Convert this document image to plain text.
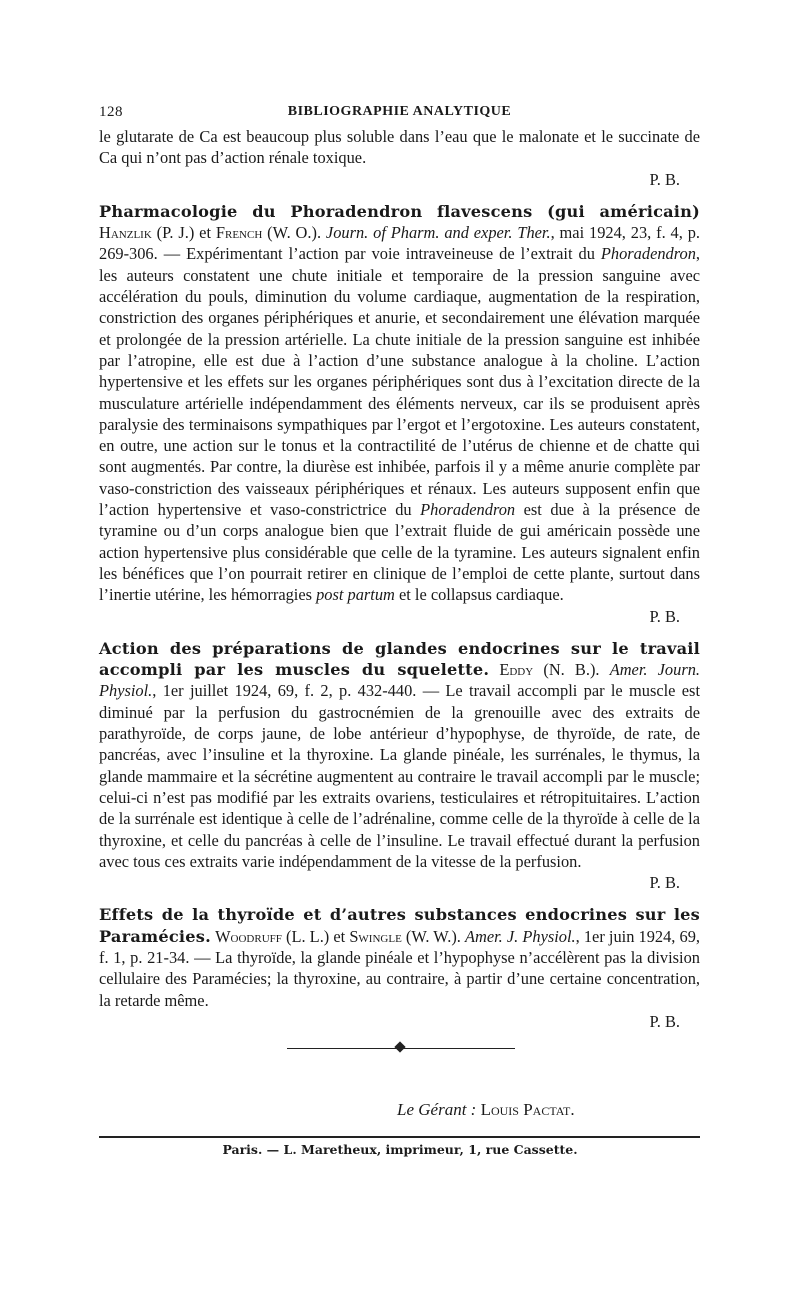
128	BIBLIOGRAPHIE ANALYTIQUE

le glutarate de Ca est beaucoup plus soluble dans l’eau que le malonate et le succinate de Ca qui n’ont pas d’action rénale toxique.

P. B.

Pharmacologie du Phoradendron flavescens (gui américain) Hanzlik (P. J.) et French (W. O.). Journ. of Pharm. and exper. Ther., mai 1924, 23, f. 4, p. 269-306. — Expérimentant l’action par voie intraveineuse de l’extrait du Phoradendron, les auteurs constatent une chute initiale et temporaire de la pression sanguine avec accélération du pouls, diminution du volume cardiaque, augmentation de la respiration, constriction des organes périphériques et anurie, et secondairement une élévation marquée et prolongée de la pression artérielle. La chute initiale de la pression sanguine est inhibée par l’atropine, elle est due à l’action d’une substance analogue à la choline. L’action hypertensive et les effets sur les organes périphériques sont dus à l’excitation directe de la musculature artérielle indépendamment des éléments nerveux, car ils se produisent après paralysie des terminaisons sympathiques par l’ergot et l’ergotoxine. Les auteurs constatent, en outre, une action sur le tonus et la contractilité de l’utérus de chienne et de chatte qui sont augmentés. Par contre, la diurèse est inhibée, parfois il y a même anurie complète par vaso-constriction des vaisseaux périphériques et rénaux. Les auteurs supposent enfin que l’action hypertensive et vaso-constrictrice du Phoradendron est due à la présence de tyramine ou d’un corps analogue bien que l’extrait fluide de gui américain possède une action hypertensive plus considérable que celle de la tyramine. Les auteurs signalent enfin les bénéfices que l’on pourrait retirer en clinique de l’emploi de cette plante, surtout dans l’inertie utérine, les hémorragies post partum et le collapsus cardiaque.

P. B.

Action des préparations de glandes endocrines sur le travail accompli par les muscles du squelette. Eddy (N. B.). Amer. Journ. Physiol., 1er juillet 1924, 69, f. 2, p. 432-440. — Le travail accompli par le muscle est diminué par la perfusion du gastrocnémien de la grenouille avec des extraits de parathyroïde, de corps jaune, de lobe antérieur d’hypophyse, de thyroïde, de rate, de pancréas, avec l’insuline et la thyroxine. La glande pinéale, les surrénales, le thymus, la glande mammaire et la sécrétine augmentent au contraire le travail accompli par le muscle; celui-ci n’est pas modifié par les extraits ovariens, testiculaires et rétropituitaires. L’action de la surrénale est identique à celle de l’adrénaline, comme celle de la thyroïde à celle de la thyroxine, et celle du pancréas à celle de l’insuline. Le travail effectué durant la perfusion avec tous ces extraits varie indépendamment de la vitesse de la perfusion.

P. B.

Effets de la thyroïde et d’autres substances endocrines sur les Paramécies. Woodruff (L. L.) et Swingle (W. W.). Amer. J. Physiol., 1er juin 1924, 69, f. 1, p. 21-34. — La thyroïde, la glande pinéale et l’hypophyse n’accélèrent pas la division cellulaire des Paramécies; la thyroxine, au contraire, à partir d’une certaine concentration, la retarde même.

P. B.

Le Gérant : Louis Pactat.
Paris. — L. Maretheux, imprimeur, 1, rue Cassette.
